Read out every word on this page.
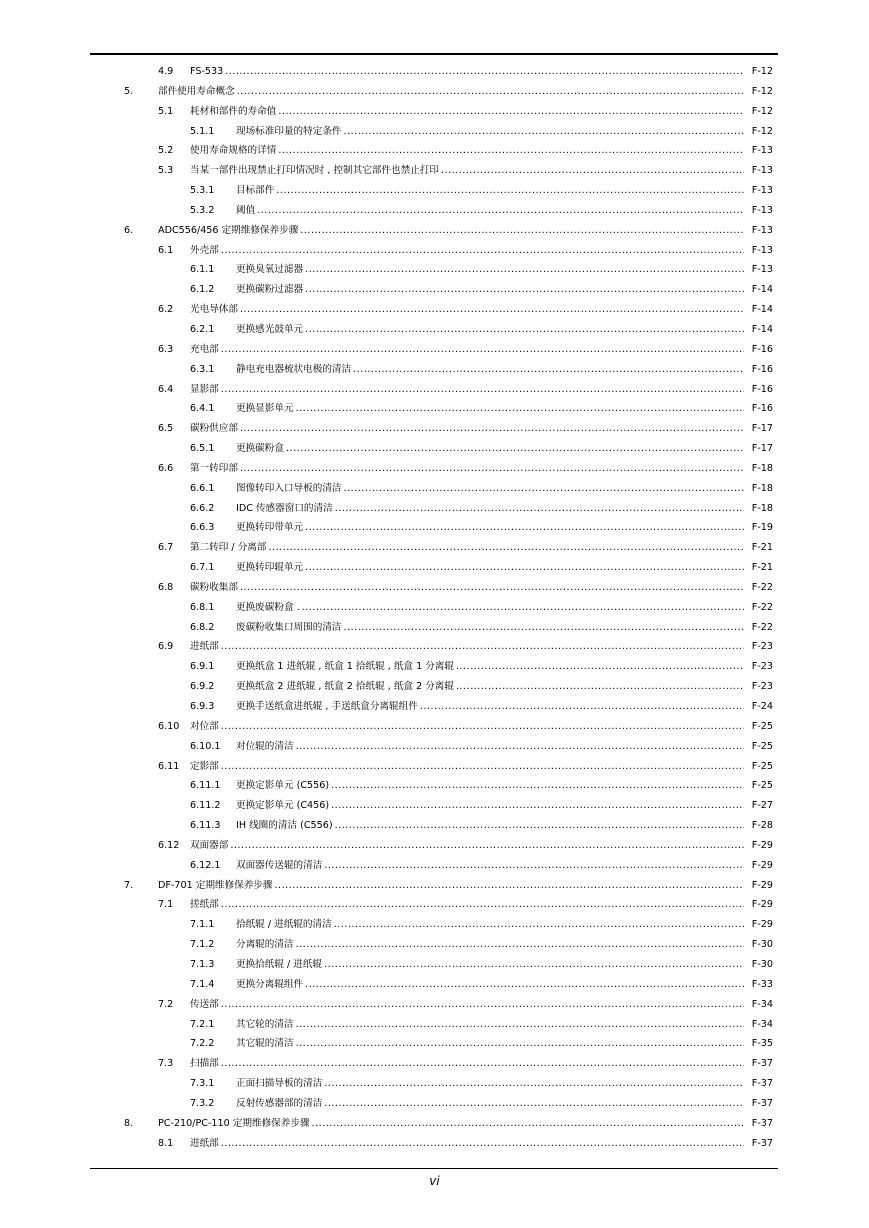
4.9 FS-533 .....	F-12
5.	部件使用寿命概念 .....	F-12
5.1 耗材和部件的寿命值 .....	F-12
5.1.1 现场标准印量的特定条件 .....	F-12
5.2 使用寿命规格的详情 .....	F-13
5.3 当某一部件出现禁止打印情况时 , 控制其它部件也禁止打印 .....	F-13
5.3.1 目标部件 .....	F-13
5.3.2 阈值 .....	F-13
6.	ADC556/456 定期维修保养步骤 .....	F-13
6.1 外壳部 .....	F-13
6.1.1 更换臭氧过滤器 .....	F-13
6.1.2 更换碳粉过滤器 .....	F-14
6.2 光电导体部 .....	F-14
6.2.1 更换感光鼓单元 .....	F-14
6.3 充电部 .....	F-16
6.3.1 静电充电器梳状电极的清洁 .....	F-16
6.4 显影部 .....	F-16
6.4.1 更换显影单元 .....	F-16
6.5 碳粉供应部 .....	F-17
6.5.1 更换碳粉盒 .....	F-17
6.6 第一转印部 .....	F-18
6.6.1 图像转印入口导板的清洁 .....	F-18
6.6.2 IDC 传感器窗口的清洁 .....	F-18
6.6.3 更换转印带单元 .....	F-19
6.7 第二转印 / 分离部 .....	F-21
6.7.1 更换转印辊单元 .....	F-21
6.8 碳粉收集部 .....	F-22
6.8.1 更换废碳粉盒 . .....	F-22
6.8.2 废碳粉收集口周围的清洁 .....	F-22
6.9 进纸部 .....	F-23
6.9.1 更换纸盒 1 进纸辊 , 纸盒 1 拾纸辊 , 纸盒 1 分离辊 .....	F-23
6.9.2 更换纸盒 2 进纸辊 , 纸盒 2 拾纸辊 , 纸盒 2 分离辊 .....	F-23
6.9.3 更换手送纸盒进纸辊 , 手送纸盒分离辊组件 .....	F-24
6.10 对位部 .....	F-25
6.10.1 对位辊的清洁 .....	F-25
6.11 定影部 .....	F-25
6.11.1 更换定影单元 (C556) .....	F-25
6.11.2 更换定影单元 (C456) .....	F-27
6.11.3 IH 线圈的清洁 (C556) .....	F-28
6.12 双面器部 .....	F-29
6.12.1 双面器传送辊的清洁 .....	F-29
7.	DF-701 定期维修保养步骤 .....	F-29
7.1 搓纸部 .....	F-29
7.1.1 拾纸辊 / 进纸辊的清洁 .....	F-29
7.1.2 分离辊的清洁 .....	F-30
7.1.3 更换拾纸辊 / 进纸辊 .....	F-30
7.1.4 更换分离辊组件 .....	F-33
7.2 传送部 .....	F-34
7.2.1 其它轮的清洁 .....	F-34
7.2.2 其它辊的清洁 .....	F-35
7.3 扫描部 .....	F-37
7.3.1 正面扫描导板的清洁 .....	F-37
7.3.2 反射传感器部的清洁 .....	F-37
8.	PC-210/PC-110 定期维修保养步骤 .....	F-37
8.1 进纸部 .....	F-37
vi
